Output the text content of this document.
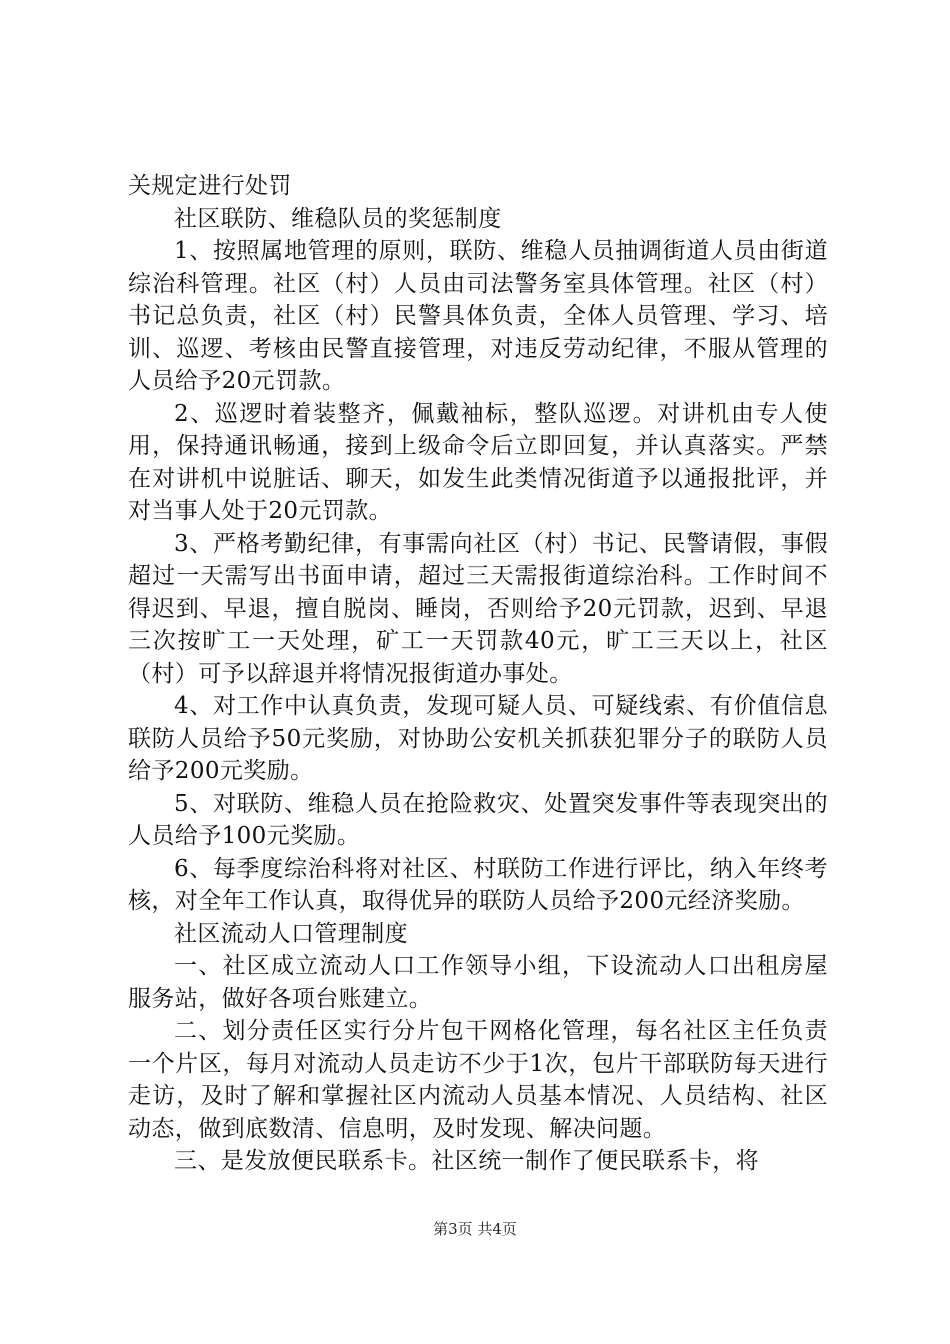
关规定进行处罚

社区联防、维稳队员的奖惩制度

1、按照属地管理的原则，联防、维稳人员抽调街道人员由街道综治科管理。社区（村）人员由司法警务室具体管理。社区（村）书记总负责，社区（村）民警具体负责，全体人员管理、学习、培训、巡逻、考核由民警直接管理，对违反劳动纪律，不服从管理的人员给予20元罚款。

2、巡逻时着装整齐，佩戴袖标，整队巡逻。对讲机由专人使用，保持通讯畅通，接到上级命令后立即回复，并认真落实。严禁在对讲机中说脏话、聊天，如发生此类情况街道予以通报批评，并对当事人处于20元罚款。

3、严格考勤纪律，有事需向社区（村）书记、民警请假，事假超过一天需写出书面申请，超过三天需报街道综治科。工作时间不得迟到、早退，擅自脱岗、睡岗，否则给予20元罚款，迟到、早退三次按旷工一天处理，矿工一天罚款40元，旷工三天以上，社区（村）可予以辞退并将情况报街道办事处。

4、对工作中认真负责，发现可疑人员、可疑线索、有价值信息联防人员给予50元奖励，对协助公安机关抓获犯罪分子的联防人员给予200元奖励。

5、对联防、维稳人员在抢险救灾、处置突发事件等表现突出的人员给予100元奖励。

6、每季度综治科将对社区、村联防工作进行评比，纳入年终考核，对全年工作认真，取得优异的联防人员给予200元经济奖励。

社区流动人口管理制度

一、社区成立流动人口工作领导小组，下设流动人口出租房屋服务站，做好各项台账建立。

二、划分责任区实行分片包干网格化管理，每名社区主任负责一个片区，每月对流动人员走访不少于1次，包片干部联防每天进行走访，及时了解和掌握社区内流动人员基本情况、人员结构、社区动态，做到底数清、信息明，及时发现、解决问题。

三、是发放便民联系卡。社区统一制作了便民联系卡，将

第3页 共4页
